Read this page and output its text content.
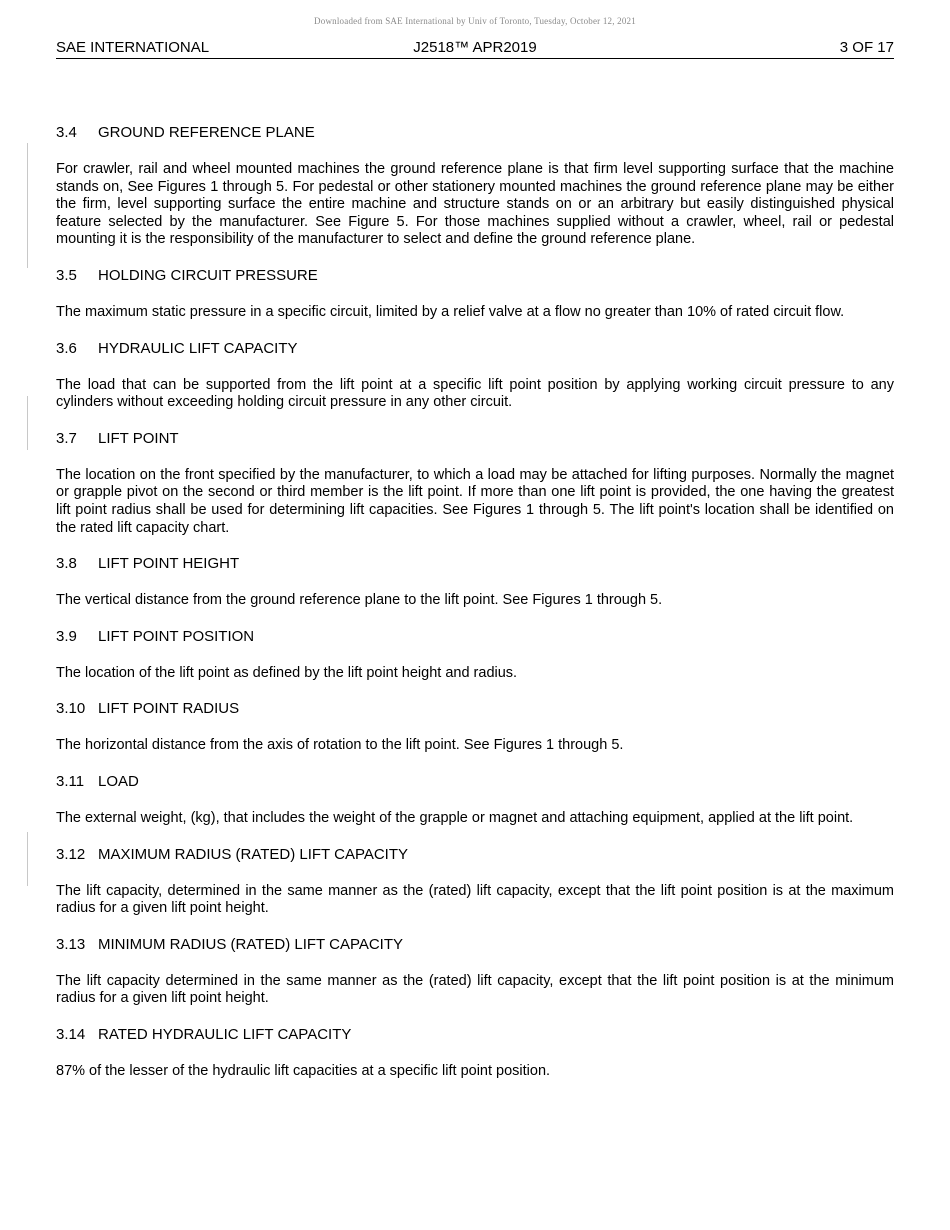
Downloaded from SAE International by Univ of Toronto, Tuesday, October 12, 2021
SAE INTERNATIONAL	J2518™ APR2019	3 OF 17
3.4 GROUND REFERENCE PLANE
For crawler, rail and wheel mounted machines the ground reference plane is that firm level supporting surface that the machine stands on, See Figures 1 through 5. For pedestal or other stationery mounted machines the ground reference plane may be either the firm, level supporting surface the entire machine and structure stands on or an arbitrary but easily distinguished physical feature selected by the manufacturer. See Figure 5. For those machines supplied without a crawler, wheel, rail or pedestal mounting it is the responsibility of the manufacturer to select and define the ground reference plane.
3.5 HOLDING CIRCUIT PRESSURE
The maximum static pressure in a specific circuit, limited by a relief valve at a flow no greater than 10% of rated circuit flow.
3.6 HYDRAULIC LIFT CAPACITY
The load that can be supported from the lift point at a specific lift point position by applying working circuit pressure to any cylinders without exceeding holding circuit pressure in any other circuit.
3.7 LIFT POINT
The location on the front specified by the manufacturer, to which a load may be attached for lifting purposes. Normally the magnet or grapple pivot on the second or third member is the lift point. If more than one lift point is provided, the one having the greatest lift point radius shall be used for determining lift capacities. See Figures 1 through 5. The lift point's location shall be identified on the rated lift capacity chart.
3.8 LIFT POINT HEIGHT
The vertical distance from the ground reference plane to the lift point. See Figures 1 through 5.
3.9 LIFT POINT POSITION
The location of the lift point as defined by the lift point height and radius.
3.10 LIFT POINT RADIUS
The horizontal distance from the axis of rotation to the lift point. See Figures 1 through 5.
3.11 LOAD
The external weight, (kg), that includes the weight of the grapple or magnet and attaching equipment, applied at the lift point.
3.12 MAXIMUM RADIUS (RATED) LIFT CAPACITY
The lift capacity, determined in the same manner as the (rated) lift capacity, except that the lift point position is at the maximum radius for a given lift point height.
3.13 MINIMUM RADIUS (RATED) LIFT CAPACITY
The lift capacity determined in the same manner as the (rated) lift capacity, except that the lift point position is at the minimum radius for a given lift point height.
3.14 RATED HYDRAULIC LIFT CAPACITY
87% of the lesser of the hydraulic lift capacities at a specific lift point position.
